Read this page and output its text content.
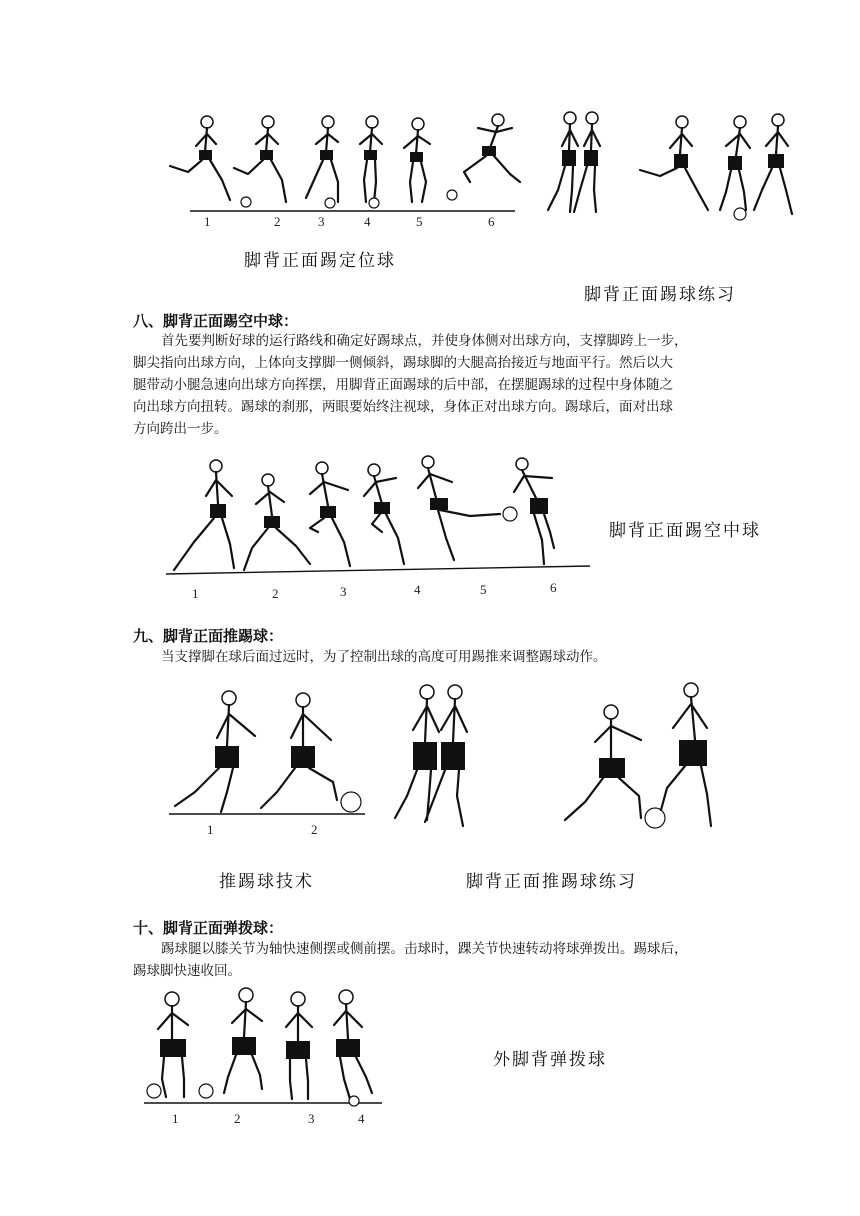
1	2	3	4	5	6
脚背正面踢定位球
脚背正面踢球练习
八、脚背正面踢空中球：

首先要判断好球的运行路线和确定好踢球点，并使身体侧对出球方向，支撑脚跨上一步，

脚尖指向出球方向，上体向支撑脚一侧倾斜，踢球脚的大腿高抬接近与地面平行。然后以大

腿带动小腿急速向出球方向挥摆，用脚背正面踢球的后中部，在摆腿踢球的过程中身体随之

向出球方向扭转。踢球的刹那，两眼要始终注视球，身体正对出球方向。踢球后，面对出球

方向跨出一步。

1	2	3	4	5	6
脚背正面踢空中球
九、脚背正面推踢球：

当支撑脚在球后面过远时，为了控制出球的高度可用踢推来调整踢球动作。

1	2
推踢球技术	脚背正面推踢球练习
十、脚背正面弹拨球：

踢球腿以膝关节为轴快速侧摆或侧前摆。击球时，踝关节快速转动将球弹拨出。踢球后，

踢球脚快速收回。

1	2	3	4
外脚背弹拨球
